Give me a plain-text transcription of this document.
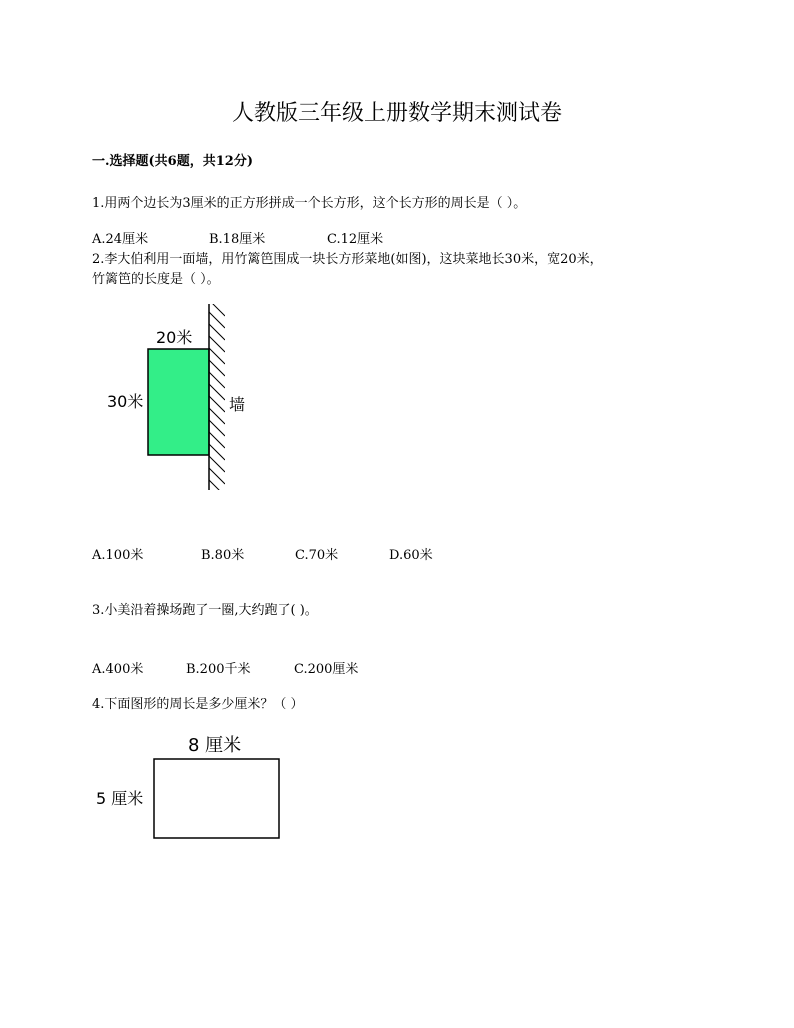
人教版三年级上册数学期末测试卷
一.选择题(共6题，共12分)
1.用两个边长为3厘米的正方形拼成一个长方形，这个长方形的周长是（ ）。
A.24厘米	B.18厘米	C.12厘米
2.李大伯利用一面墙，用竹篱笆围成一块长方形菜地(如图)，这块菜地长30米，宽20米，
竹篱笆的长度是（ ）。
20米
30米	墙
8 厘米
5 厘米
A.100米	B.80米	C.70米	D.60米
3.小美沿着操场跑了一圈,大约跑了( )。
A.400米	B.200千米	C.200厘米
4.下面图形的周长是多少厘米？（ ）
